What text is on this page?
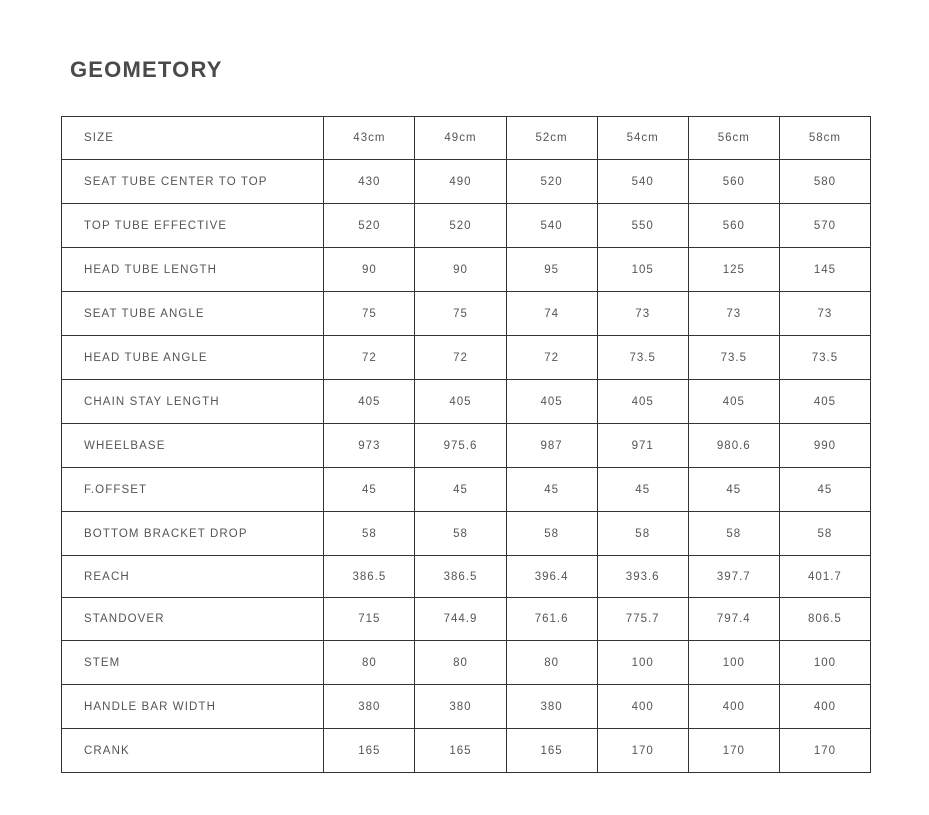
GEOMETORY
SIZE	43cm	49cm	52cm	54cm	56cm	58cm
SEAT TUBE CENTER TO TOP	430	490	520	540	560	580
TOP TUBE EFFECTIVE	520	520	540	550	560	570
HEAD TUBE LENGTH	90	90	95	105	125	145
SEAT TUBE ANGLE	75	75	74	73	73	73
HEAD TUBE ANGLE	72	72	72	73.5	73.5	73.5
CHAIN STAY LENGTH	405	405	405	405	405	405
WHEELBASE	973	975.6	987	971	980.6	990
F.OFFSET	45	45	45	45	45	45
BOTTOM BRACKET DROP	58	58	58	58	58	58
REACH	386.5	386.5	396.4	393.6	397.7	401.7
STANDOVER	715	744.9	761.6	775.7	797.4	806.5
STEM	80	80	80	100	100	100
HANDLE BAR WIDTH	380	380	380	400	400	400
CRANK	165	165	165	170	170	170
